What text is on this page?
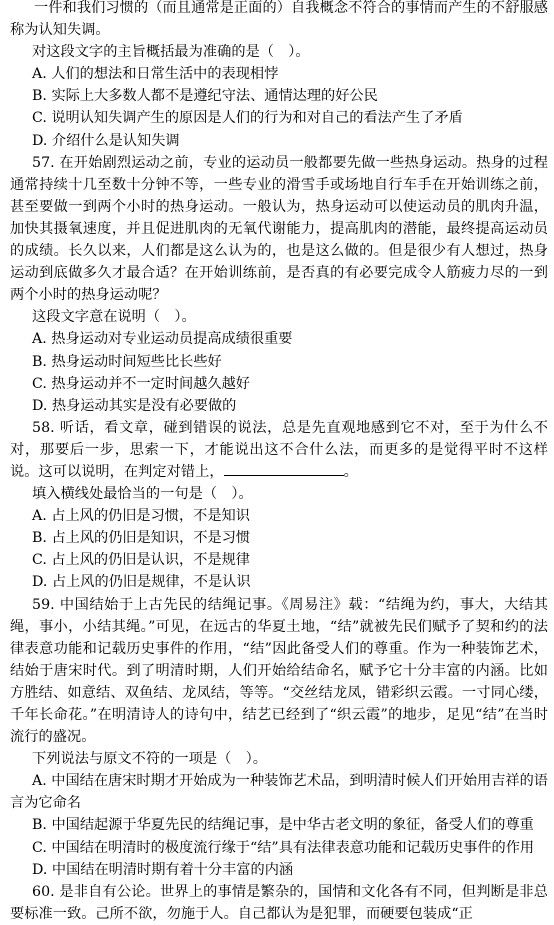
一件和我们习惯的（而且通常是正面的）自我概念不符合的事情而产生的不舒服感称为认知失调。

对这段文字的主旨概括最为准确的是（　）。

A. 人们的想法和日常生活中的表现相悖

B. 实际上大多数人都不是遵纪守法、通情达理的好公民

C. 说明认知失调产生的原因是人们的行为和对自己的看法产生了矛盾

D. 介绍什么是认知失调

57. 在开始剧烈运动之前，专业的运动员一般都要先做一些热身运动。热身的过程通常持续十几至数十分钟不等，一些专业的滑雪手或场地自行车手在开始训练之前，甚至要做一到两个小时的热身运动。一般认为，热身运动可以使运动员的肌肉升温，加快其摄氧速度，并且促进肌肉的无氧代谢能力，提高肌肉的潜能，最终提高运动员的成绩。长久以来，人们都是这么认为的，也是这么做的。但是很少有人想过，热身运动到底做多久才最合适？在开始训练前，是否真的有必要完成令人筋疲力尽的一到两个小时的热身运动呢？

这段文字意在说明（　）。

A. 热身运动对专业运动员提高成绩很重要

B. 热身运动时间短些比长些好

C. 热身运动并不一定时间越久越好

D. 热身运动其实是没有必要做的

58. 听话，看文章，碰到错误的说法，总是先直观地感到它不对，至于为什么不对，那要后一步，思索一下，才能说出这不合什么法，而更多的是觉得平时不这样说。这可以说明，在判定对错上，	。

填入横线处最恰当的一句是（　）。

A. 占上风的仍旧是习惯，不是知识

B. 占上风的仍旧是知识，不是习惯

C. 占上风的仍旧是认识，不是规律

D. 占上风的仍旧是规律，不是认识

59. 中国结始于上古先民的结绳记事。《周易注》载：“结绳为约，事大，大结其绳，事小，小结其绳。”可见，在远古的华夏土地，“结”就被先民们赋予了契和约的法律表意功能和记载历史事件的作用，“结”因此备受人们的尊重。作为一种装饰艺术，结始于唐宋时代。到了明清时期，人们开始给结命名，赋予它十分丰富的内涵。比如方胜结、如意结、双鱼结、龙凤结，等等。“交丝结龙凤，错彩织云霞。一寸同心缕，千年长命花。”在明清诗人的诗句中，结艺已经到了“织云霞”的地步，足见“结”在当时流行的盛况。

下列说法与原文不符的一项是（　）。

A. 中国结在唐宋时期才开始成为一种装饰艺术品，到明清时候人们开始用吉祥的语言为它命名

B. 中国结起源于华夏先民的结绳记事，是中华古老文明的象征，备受人们的尊重

C. 中国结在明清时的极度流行缘于“结”具有法律表意功能和记载历史事件的作用

D. 中国结在明清时期有着十分丰富的内涵

60. 是非自有公论。世界上的事情是繁杂的，国情和文化各有不同，但判断是非总要标准一致。己所不欲，勿施于人。自己都认为是犯罪，而硬要包装成“正
